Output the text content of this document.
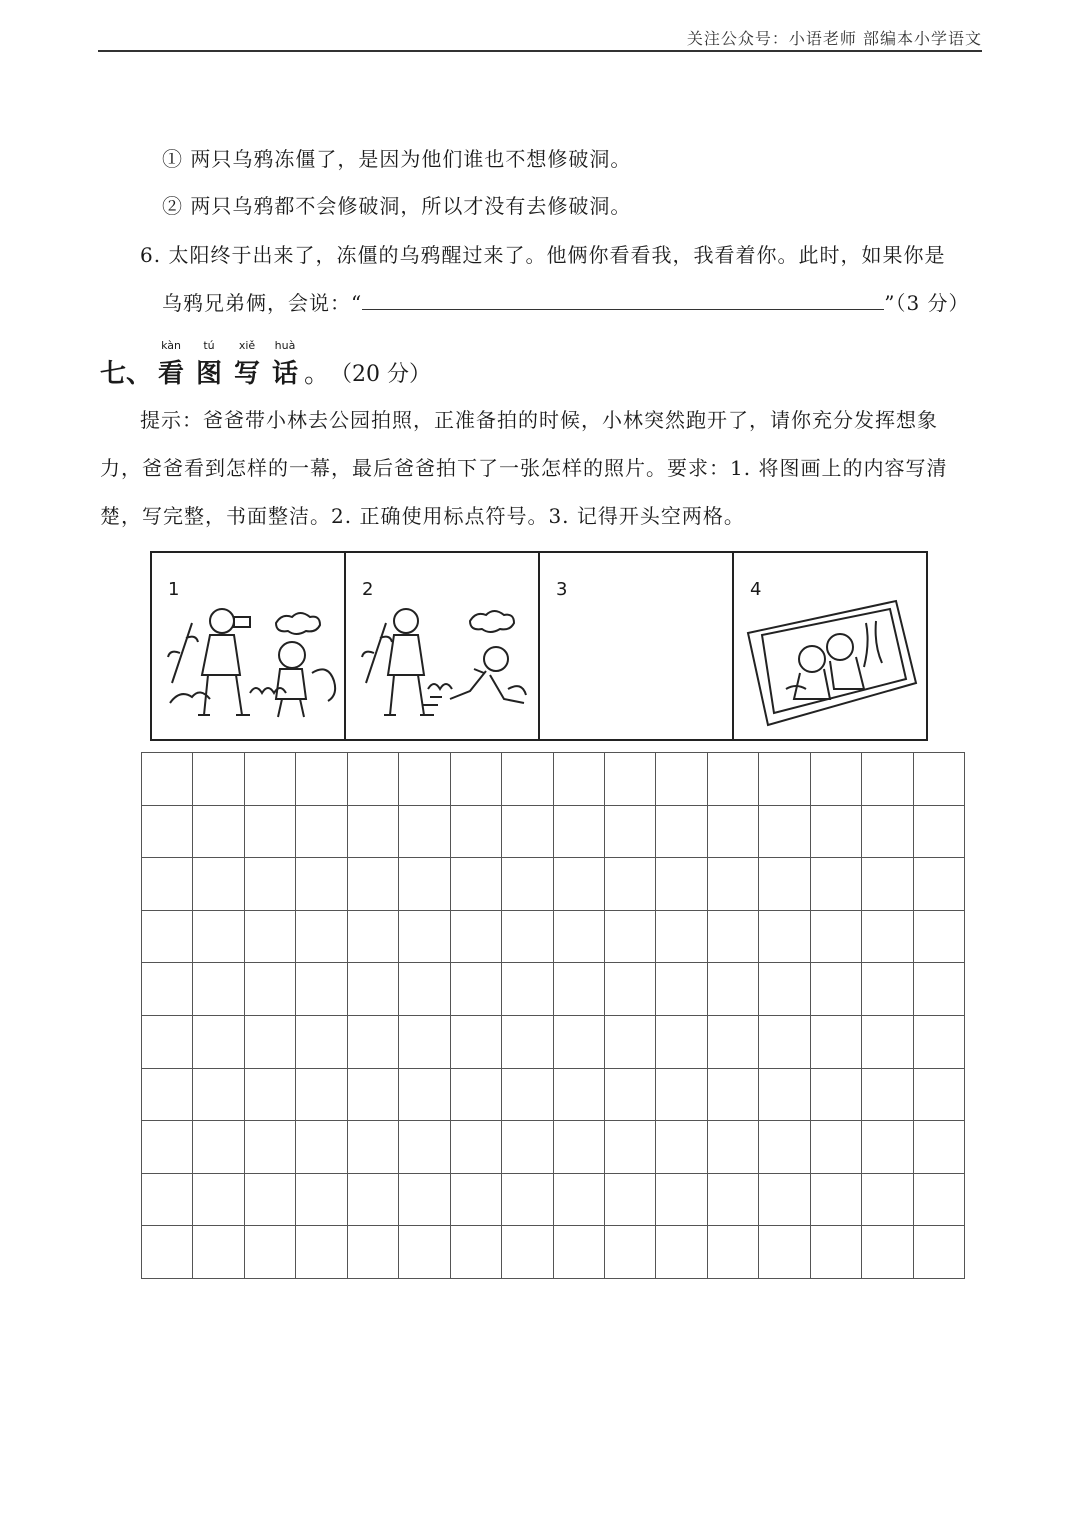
关注公众号：小语老师 部编本小学语文
① 两只乌鸦冻僵了，是因为他们谁也不想修破洞。
② 两只乌鸦都不会修破洞，所以才没有去修破洞。
6. 太阳终于出来了，冻僵的乌鸦醒过来了。他俩你看看我，我看着你。此时，如果你是
乌鸦兄弟俩，会说：“	”（3 分）
七、
kàn
看
tú
图
xiě
写
huà
话 。（20 分）
提示：爸爸带小林去公园拍照，正准备拍的时候，小林突然跑开了，请你充分发挥想象
力，爸爸看到怎样的一幕，最后爸爸拍下了一张怎样的照片。要求：1. 将图画上的内容写清
楚，写完整，书面整洁。2. 正确使用标点符号。3. 记得开头空两格。
1	2	3	4
